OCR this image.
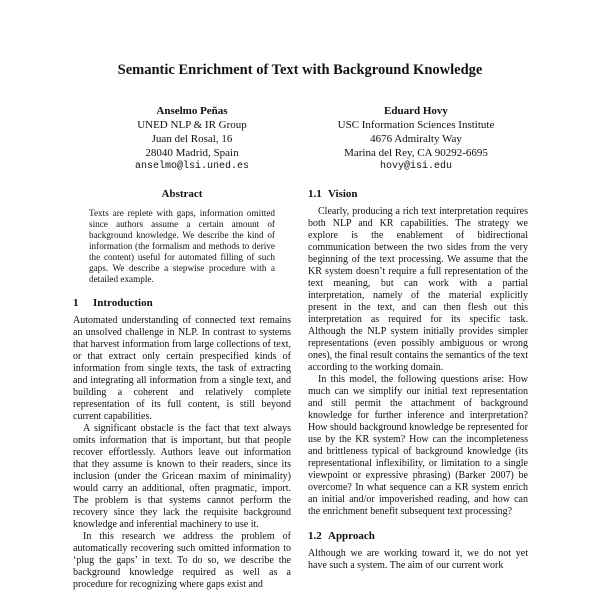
Semantic Enrichment of Text with Background Knowledge
Anselmo Peñas
UNED NLP & IR Group
Juan del Rosal, 16
28040 Madrid, Spain
anselmo@lsi.uned.es
Eduard Hovy
USC Information Sciences Institute
4676 Admiralty Way
Marina del Rey, CA 90292-6695
hovy@isi.edu
Abstract
Texts are replete with gaps, information omitted since authors assume a certain amount of background knowledge. We describe the kind of information (the formalism and methods to derive the content) useful for automated filling of such gaps. We describe a stepwise procedure with a detailed example.
1 Introduction

Automated understanding of connected text remains an unsolved challenge in NLP. In contrast to systems that harvest information from large collections of text, or that extract only certain prespecified kinds of information from single texts, the task of extracting and integrating all information from a single text, and building a coherent and relatively complete representation of its full content, is still beyond current capabilities.

A significant obstacle is the fact that text always omits information that is important, but that people recover effortlessly. Authors leave out information that they assume is known to their readers, since its inclusion (under the Gricean maxim of minimality) would carry an additional, often pragmatic, import. The problem is that systems cannot perform the recovery since they lack the requisite background knowledge and inferential machinery to use it.

In this research we address the problem of automatically recovering such omitted information to ‘plug the gaps’ in text. To do so, we describe the background knowledge required as well as a procedure for recognizing where gaps exist and

1.1 Vision

Clearly, producing a rich text interpretation requires both NLP and KR capabilities. The strategy we explore is the enablement of bidirectional communication between the two sides from the very beginning of the text processing. We assume that the KR system doesn’t require a full representation of the text meaning, but can work with a partial interpretation, namely of the material explicitly present in the text, and can then flesh out this interpretation as required for its specific task. Although the NLP system initially provides simpler representations (even possibly ambiguous or wrong ones), the final result contains the semantics of the text according to the working domain.

In this model, the following questions arise: How much can we simplify our initial text representation and still permit the attachment of background knowledge for further inference and interpretation? How should background knowledge be represented for use by the KR system? How can the incompleteness and brittleness typical of background knowledge (its representational inflexibility, or limitation to a single viewpoint or expressive phrasing) (Barker 2007) be overcome? In what sequence can a KR system enrich an initial and/or impoverished reading, and how can the enrichment benefit subsequent text processing?

1.2 Approach

Although we are working toward it, we do not yet have such a system. The aim of our current work
